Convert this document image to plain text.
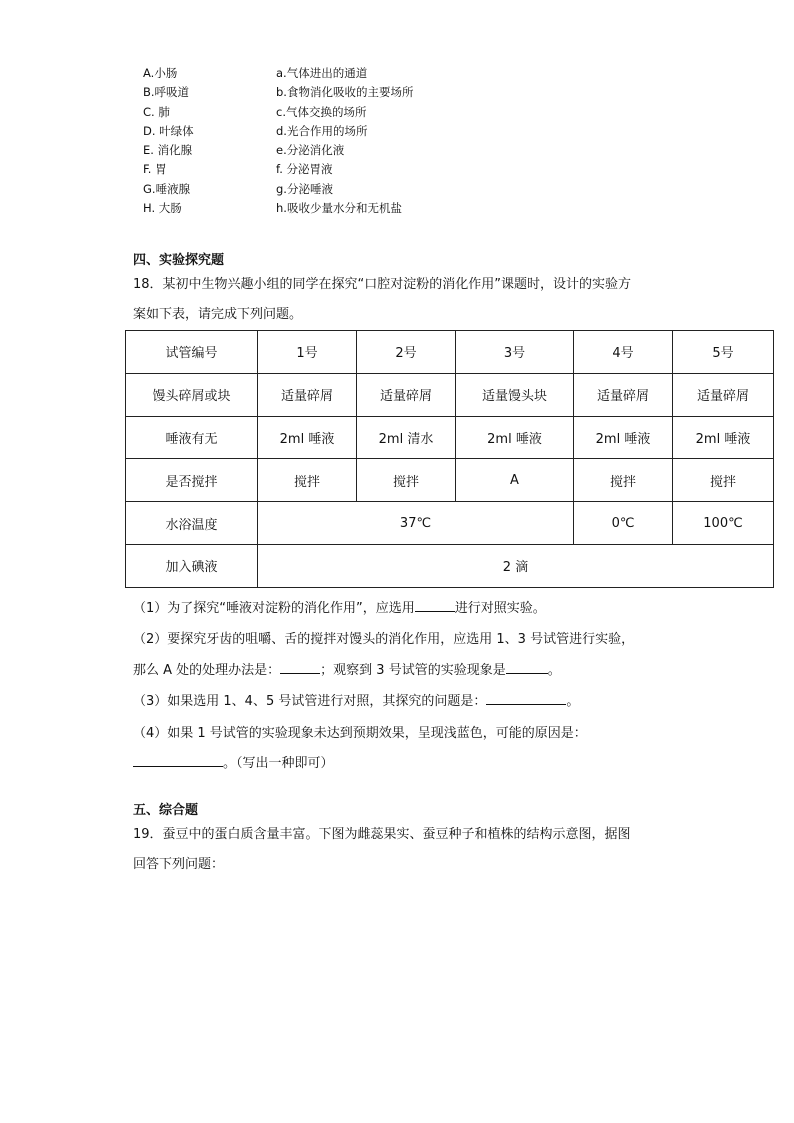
A.小肠	a.气体进出的通道
B.呼吸道	b.食物消化吸收的主要场所
C. 肺	c.气体交换的场所
D. 叶绿体	d.光合作用的场所
E. 消化腺	e.分泌消化液
F. 胃	f. 分泌胃液
G.唾液腺	g.分泌唾液
H. 大肠	h.吸收少量水分和无机盐
四、实验探究题
18．某初中生物兴趣小组的同学在探究“口腔对淀粉的消化作用”课题时，设计的实验方
案如下表，请完成下列问题。
试管编号	1号	2号	3号	4号	5号
馒头碎屑或块	适量碎屑	适量碎屑	适量馒头块	适量碎屑	适量碎屑
唾液有无	2ml 唾液	2ml 清水	2ml 唾液	2ml 唾液	2ml 唾液
是否搅拌	搅拌	搅拌	A	搅拌	搅拌
水浴温度	37℃			0℃	100℃
加入碘液	2 滴				
（1）为了探究“唾液对淀粉的消化作用”，应选用	进行对照实验。
（2）要探究牙齿的咀嚼、舌的搅拌对馒头的消化作用，应选用 1、3 号试管进行实验，
那么 A 处的处理办法是：	；观察到 3 号试管的实验现象是	。
（3）如果选用 1、4、5 号试管进行对照，其探究的问题是：	。
（4）如果 1 号试管的实验现象未达到预期效果，呈现浅蓝色，可能的原因是：
。（写出一种即可）
五、综合题
19．蚕豆中的蛋白质含量丰富。下图为雌蕊果实、蚕豆种子和植株的结构示意图，据图
回答下列问题：
